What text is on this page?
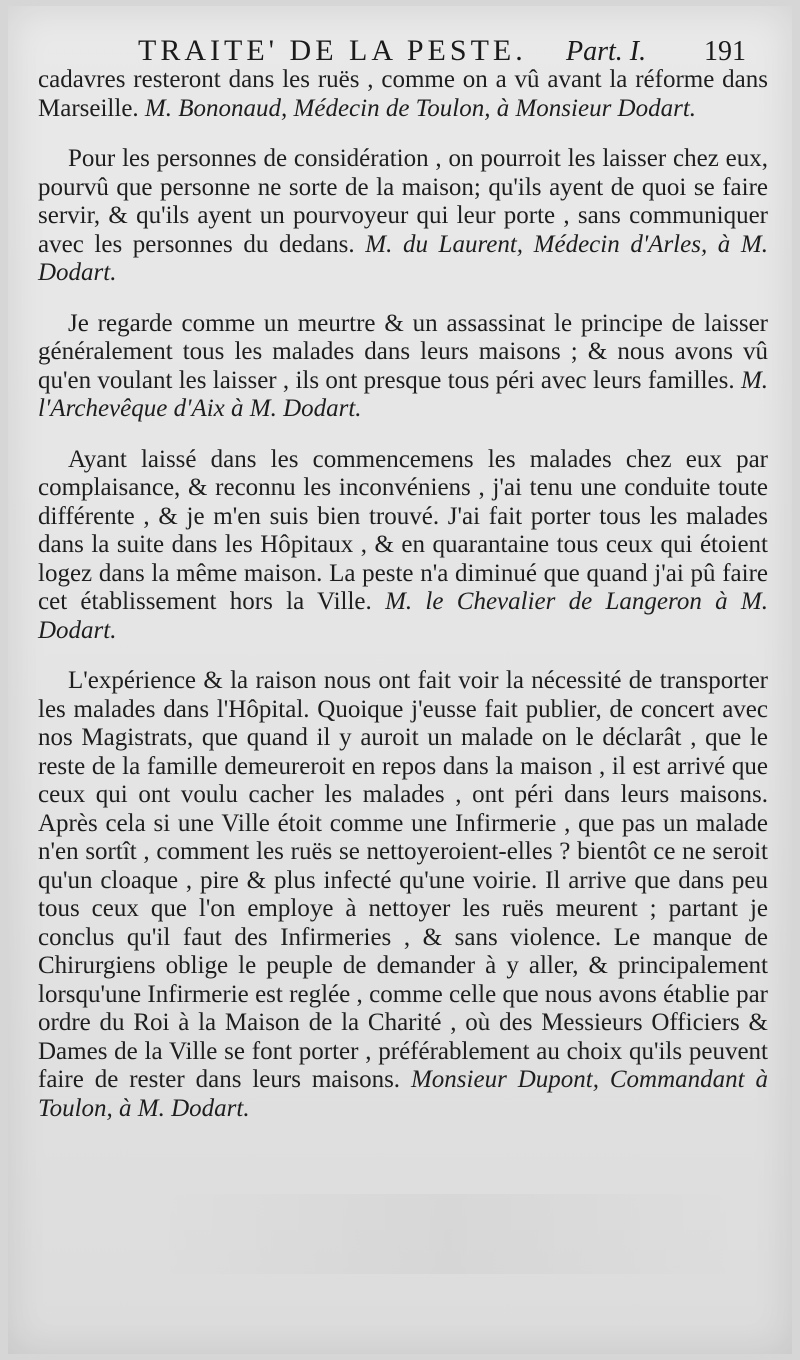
TRAITE' DE LA PESTE. Part. I. 191

cadavres resteront dans les ruës , comme on a vû avant la réforme dans Marseille. M. Bononaud, Médecin de Toulon, à Monsieur Dodart.

Pour les personnes de considération , on pourroit les laisser chez eux, pourvû que personne ne sorte de la maison; qu'ils ayent de quoi se faire servir, & qu'ils ayent un pourvoyeur qui leur porte , sans communiquer avec les personnes du dedans. M. du Laurent, Médecin d'Arles, à M. Dodart.

Je regarde comme un meurtre & un assassinat le principe de laisser généralement tous les malades dans leurs maisons ; & nous avons vû qu'en voulant les laisser , ils ont presque tous péri avec leurs familles. M. l'Archevêque d'Aix à M. Dodart.

Ayant laissé dans les commencemens les malades chez eux par complaisance, & reconnu les inconvéniens , j'ai tenu une conduite toute différente , & je m'en suis bien trouvé. J'ai fait porter tous les malades dans la suite dans les Hôpitaux , & en quarantaine tous ceux qui étoient logez dans la même maison. La peste n'a diminué que quand j'ai pû faire cet établissement hors la Ville. M. le Chevalier de Langeron à M. Dodart.

L'expérience & la raison nous ont fait voir la nécessité de transporter les malades dans l'Hôpital. Quoique j'eusse fait publier, de concert avec nos Magistrats, que quand il y auroit un malade on le déclarât , que le reste de la famille demeureroit en repos dans la maison , il est arrivé que ceux qui ont voulu cacher les malades , ont péri dans leurs maisons. Après cela si une Ville étoit comme une Infirmerie , que pas un malade n'en sortît , comment les ruës se nettoyeroient-elles ? bientôt ce ne seroit qu'un cloaque , pire & plus infecté qu'une voirie. Il arrive que dans peu tous ceux que l'on employe à nettoyer les ruës meurent ; partant je conclus qu'il faut des Infirmeries , & sans violence. Le manque de Chirurgiens oblige le peuple de demander à y aller, & principalement lorsqu'une Infirmerie est reglée , comme celle que nous avons établie par ordre du Roi à la Maison de la Charité , où des Messieurs Officiers & Dames de la Ville se font porter , préférablement au choix qu'ils peuvent faire de rester dans leurs maisons. Monsieur Dupont, Commandant à Toulon, à M. Dodart.
